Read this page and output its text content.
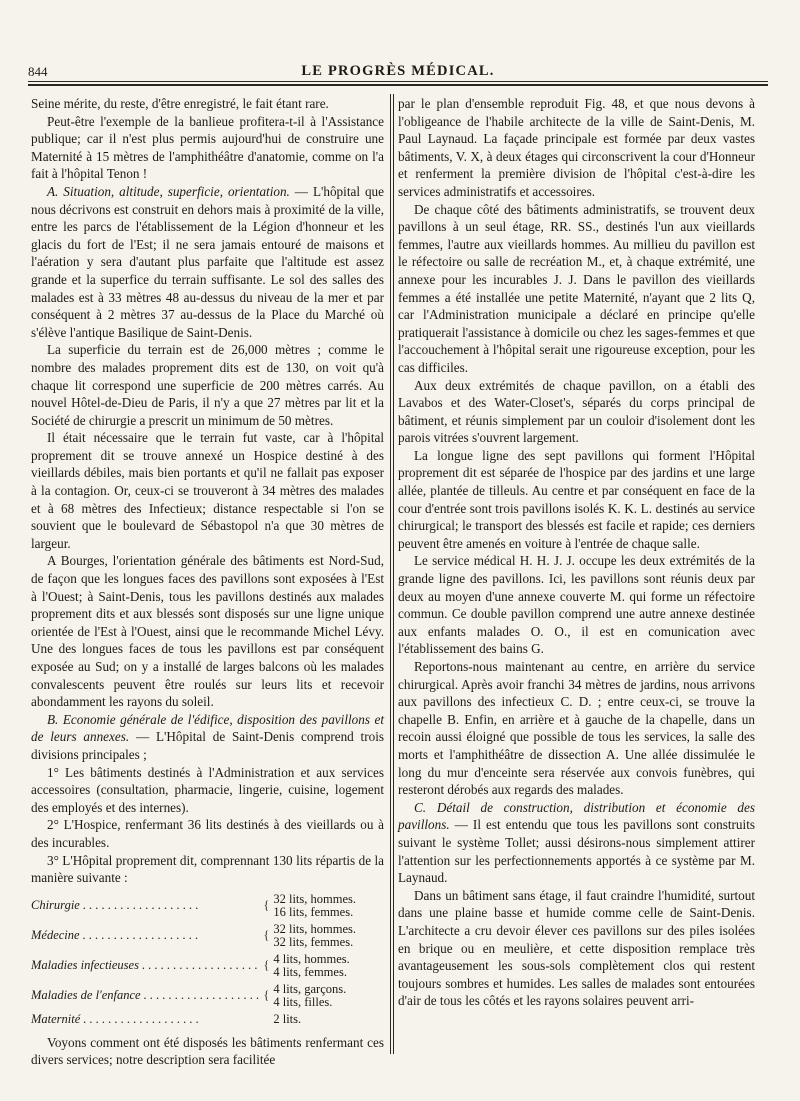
844	LE PROGRÈS MÉDICAL.

Seine mérite, du reste, d'être enregistré, le fait étant rare.

Peut-être l'exemple de la banlieue profitera-t-il à l'Assistance publique; car il n'est plus permis aujourd'hui de construire une Maternité à 15 mètres de l'amphithéâtre d'anatomie, comme on l'a fait à l'hôpital Tenon !

A. Situation, altitude, superficie, orientation. — L'hôpital que nous décrivons est construit en dehors mais à proximité de la ville, entre les parcs de l'établissement de la Légion d'honneur et les glacis du fort de l'Est; il ne sera jamais entouré de maisons et l'aération y sera d'autant plus parfaite que l'altitude est assez grande et la superfice du terrain suffisante. Le sol des salles des malades est à 33 mètres 48 au-dessus du niveau de la mer et par conséquent à 2 mètres 37 au-dessus de la Place du Marché où s'élève l'antique Basilique de Saint-Denis.

La superficie du terrain est de 26,000 mètres ; comme le nombre des malades proprement dits est de 130, on voit qu'à chaque lit correspond une superficie de 200 mètres carrés. Au nouvel Hôtel-de-Dieu de Paris, il n'y a que 27 mètres par lit et la Société de chirurgie a prescrit un minimum de 50 mètres.

Il était nécessaire que le terrain fut vaste, car à l'hôpital proprement dit se trouve annexé un Hospice destiné à des vieillards débiles, mais bien portants et qu'il ne fallait pas exposer à la contagion. Or, ceux-ci se trouveront à 34 mètres des malades et à 68 mètres des Infectieux; distance respectable si l'on se souvient que le boulevard de Sébastopol n'a que 30 mètres de largeur.

A Bourges, l'orientation générale des bâtiments est Nord-Sud, de façon que les longues faces des pavillons sont exposées à l'Est à l'Ouest; à Saint-Denis, tous les pavillons destinés aux malades proprement dits et aux blessés sont disposés sur une ligne unique orientée de l'Est à l'Ouest, ainsi que le recommande Michel Lévy. Une des longues faces de tous les pavillons est par conséquent exposée au Sud; on y a installé de larges balcons où les malades convalescents peuvent être roulés sur leurs lits et recevoir abondamment les rayons du soleil.

B. Economie générale de l'édifice, disposition des pavillons et de leurs annexes. — L'Hôpital de Saint-Denis comprend trois divisions principales ;

1° Les bâtiments destinés à l'Administration et aux services accessoires (consultation, pharmacie, lingerie, cuisine, logement des employés et des internes).

2° L'Hospice, renfermant 36 lits destinés à des vieillards ou à des incurables.

3° L'Hôpital proprement dit, comprennant 130 lits répartis de la manière suivante :

Chirurgie . . .	{	32 lits, hommes.
16 lits, femmes.

Médecine . . .	{	32 lits, hommes.
32 lits, femmes.

Maladies infectieuses . . .	{	4 lits, hommes.
4 lits, femmes.

Maladies de l'enfance . . .	{	4 lits, garçons.
4 lits, filles.

Maternité . . .		2 lits.

Voyons comment ont été disposés les bâtiments renfermant ces divers services; notre description sera facilitée

par le plan d'ensemble reproduit Fig. 48, et que nous devons à l'obligeance de l'habile architecte de la ville de Saint-Denis, M. Paul Laynaud. La façade principale est formée par deux vastes bâtiments, V. X, à deux étages qui circonscrivent la cour d'Honneur et renferment la première division de l'hôpital c'est-à-dire les services administratifs et accessoires.

De chaque côté des bâtiments administratifs, se trouvent deux pavillons à un seul étage, RR. SS., destinés l'un aux vieillards femmes, l'autre aux vieillards hommes. Au millieu du pavillon est le réfectoire ou salle de recréation M., et, à chaque extrémité, une annexe pour les incurables J. J. Dans le pavillon des vieillards femmes a été installée une petite Maternité, n'ayant que 2 lits Q, car l'Administration municipale a déclaré en principe qu'elle pratiquerait l'assistance à domicile ou chez les sages-femmes et que l'accouchement à l'hôpital serait une rigoureuse exception, pour les cas difficiles.

Aux deux extrémités de chaque pavillon, on a établi des Lavabos et des Water-Closet's, séparés du corps principal de bâtiment, et réunis simplement par un couloir d'isolement dont les parois vitrées s'ouvrent largement.

La longue ligne des sept pavillons qui forment l'Hôpital proprement dit est séparée de l'hospice par des jardins et une large allée, plantée de tilleuls. Au centre et par conséquent en face de la cour d'entrée sont trois pavillons isolés K. K. L. destinés au service chirurgical; le transport des blessés est facile et rapide; ces derniers peuvent être amenés en voiture à l'entrée de chaque salle.

Le service médical H. H. J. J. occupe les deux extrémités de la grande ligne des pavillons. Ici, les pavillons sont réunis deux par deux au moyen d'une annexe couverte M. qui forme un réfectoire commun. Ce double pavillon comprend une autre annexe destinée aux enfants malades O. O., il est en comunication avec l'établissement des bains G.

Reportons-nous maintenant au centre, en arrière du service chirurgical. Après avoir franchi 34 mètres de jardins, nous arrivons aux pavillons des infectieux C. D. ; entre ceux-ci, se trouve la chapelle B. Enfin, en arrière et à gauche de la chapelle, dans un recoin aussi éloigné que possible de tous les services, la salle des morts et l'amphithéâtre de dissection A. Une allée dissimulée le long du mur d'enceinte sera réservée aux convois funèbres, qui resteront dérobés aux regards des malades.

C. Détail de construction, distribution et économie des pavillons. — Il est entendu que tous les pavillons sont construits suivant le système Tollet; aussi désirons-nous simplement attirer l'attention sur les perfectionnements apportés à ce système par M. Laynaud.

Dans un bâtiment sans étage, il faut craindre l'humidité, surtout dans une plaine basse et humide comme celle de Saint-Denis. L'architecte a cru devoir élever ces pavillons sur des piles isolées en brique ou en meulière, et cette disposition remplace très avantageusement les sous-sols complètement clos qui restent toujours sombres et humides. Les salles de malades sont entourées d'air de tous les côtés et les rayons solaires peuvent arri-
